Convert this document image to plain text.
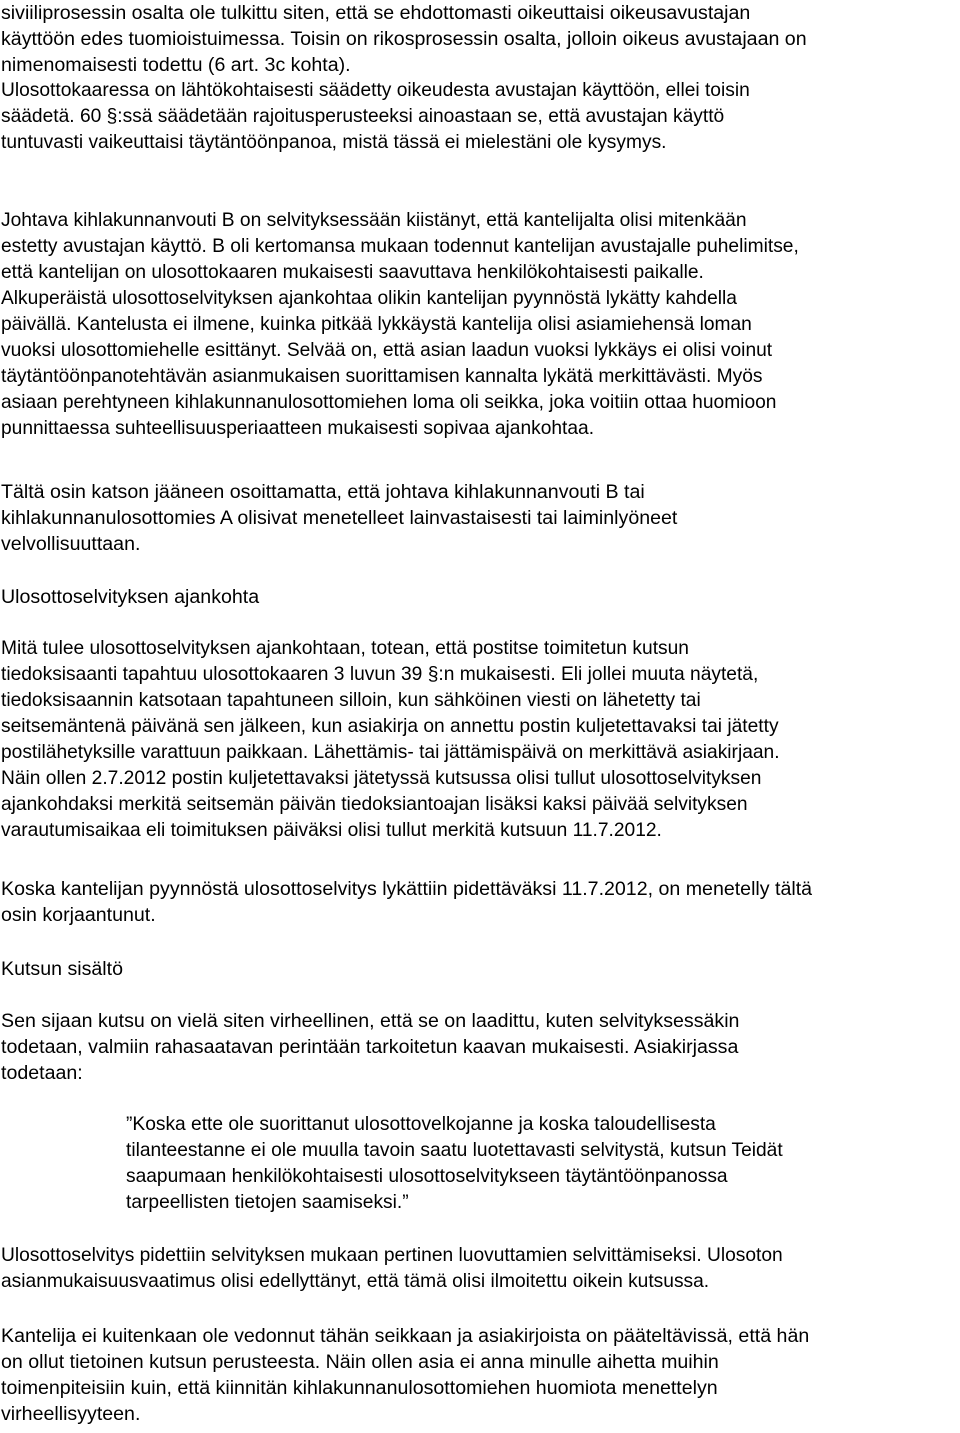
siviiliprosessin osalta ole tulkittu siten, että se ehdottomasti oikeuttaisi oikeusavustajan
käyttöön edes tuomioistuimessa. Toisin on rikosprosessin osalta, jolloin oikeus avustajaan on
nimenomaisesti todettu (6 art. 3c kohta).

Ulosottokaaressa on lähtökohtaisesti säädetty oikeudesta avustajan käyttöön, ellei toisin
säädetä. 60 §:ssä säädetään rajoitusperusteeksi ainoastaan se, että avustajan käyttö
tuntuvasti vaikeuttaisi täytäntöönpanoa, mistä tässä ei mielestäni ole kysymys.

Johtava kihlakunnanvouti B on selvityksessään kiistänyt, että kantelijalta olisi mitenkään
estetty avustajan käyttö. B oli kertomansa mukaan todennut kantelijan avustajalle puhelimitse,
että kantelijan on ulosottokaaren mukaisesti saavuttava henkilökohtaisesti paikalle.
Alkuperäistä ulosottoselvityksen ajankohtaa olikin kantelijan pyynnöstä lykätty kahdella
päivällä. Kantelusta ei ilmene, kuinka pitkää lykkäystä kantelija olisi asiamiehensä loman
vuoksi ulosottomiehelle esittänyt. Selvää on, että asian laadun vuoksi lykkäys ei olisi voinut
täytäntöönpanotehtävän asianmukaisen suorittamisen kannalta lykätä merkittävästi. Myös
asiaan perehtyneen kihlakunnanulosottomiehen loma oli seikka, joka voitiin ottaa huomioon
punnittaessa suhteellisuusperiaatteen mukaisesti sopivaa ajankohtaa.

Tältä osin katson jääneen osoittamatta, että johtava kihlakunnanvouti B tai
kihlakunnanulosottomies A olisivat menetelleet lainvastaisesti tai laiminlyöneet
velvollisuuttaan.

Ulosottoselvityksen ajankohta

Mitä tulee ulosottoselvityksen ajankohtaan, totean, että postitse toimitetun kutsun
tiedoksisaanti tapahtuu ulosottokaaren 3 luvun 39 §:n mukaisesti. Eli jollei muuta näytetä,
tiedoksisaannin katsotaan tapahtuneen silloin, kun sähköinen viesti on lähetetty tai
seitsemäntenä päivänä sen jälkeen, kun asiakirja on annettu postin kuljetettavaksi tai jätetty
postilähetyksille varattuun paikkaan. Lähettämis- tai jättämispäivä on merkittävä asiakirjaan.
Näin ollen 2.7.2012 postin kuljetettavaksi jätetyssä kutsussa olisi tullut ulosottoselvityksen
ajankohdaksi merkitä seitsemän päivän tiedoksiantoajan lisäksi kaksi päivää selvityksen
varautumisaikaa eli toimituksen päiväksi olisi tullut merkitä kutsuun 11.7.2012.

Koska kantelijan pyynnöstä ulosottoselvitys lykättiin pidettäväksi 11.7.2012, on menetelly tältä
osin korjaantunut.

Kutsun sisältö

Sen sijaan kutsu on vielä siten virheellinen, että se on laadittu, kuten selvityksessäkin
todetaan, valmiin rahasaatavan perintään tarkoitetun kaavan mukaisesti. Asiakirjassa
todetaan:

”Koska ette ole suorittanut ulosottovelkojanne ja koska taloudellisesta
tilanteestanne ei ole muulla tavoin saatu luotettavasti selvitystä, kutsun Teidät
saapumaan henkilökohtaisesti ulosottoselvitykseen täytäntöönpanossa
tarpeellisten tietojen saamiseksi.”

Ulosottoselvitys pidettiin selvityksen mukaan pertinen luovuttamien selvittämiseksi. Ulosoton
asianmukaisuusvaatimus olisi edellyttänyt, että tämä olisi ilmoitettu oikein kutsussa.

Kantelija ei kuitenkaan ole vedonnut tähän seikkaan ja asiakirjoista on pääteltävissä, että hän
on ollut tietoinen kutsun perusteesta. Näin ollen asia ei anna minulle aihetta muihin
toimenpiteisiin kuin, että kiinnitän kihlakunnanulosottomiehen huomiota menettelyn
virheellisyyteen.
